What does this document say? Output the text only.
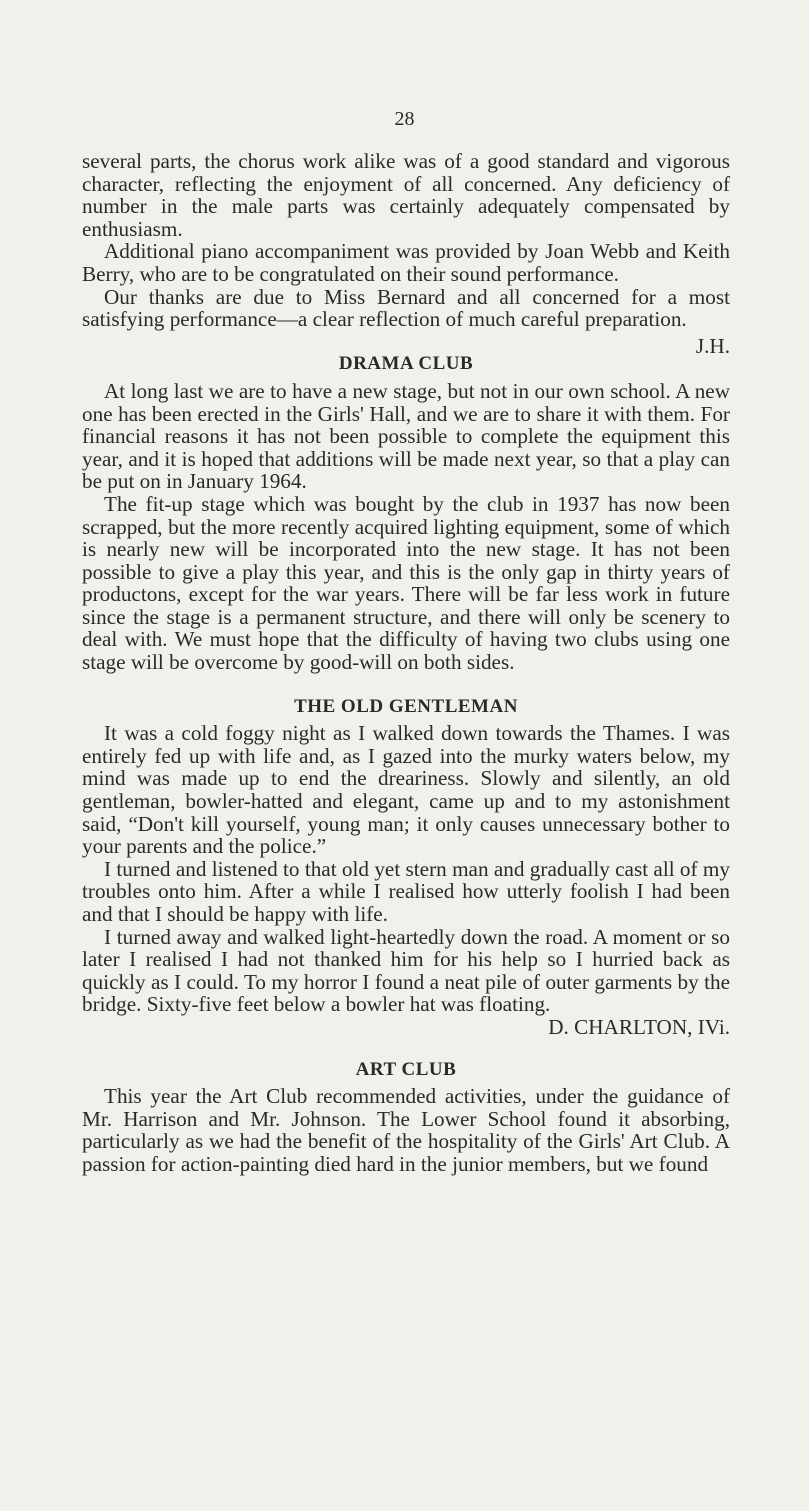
28

several parts, the chorus work alike was of a good standard and vigorous character, reflecting the enjoyment of all concerned. Any deficiency of number in the male parts was certainly adequately compensated by enthusiasm.

Additional piano accompaniment was provided by Joan Webb and Keith Berry, who are to be congratulated on their sound performance.

Our thanks are due to Miss Bernard and all concerned for a most satisfying performance—a clear reflection of much careful preparation.

J.H.
DRAMA CLUB

At long last we are to have a new stage, but not in our own school. A new one has been erected in the Girls' Hall, and we are to share it with them. For financial reasons it has not been possible to complete the equipment this year, and it is hoped that additions will be made next year, so that a play can be put on in January 1964.

The fit-up stage which was bought by the club in 1937 has now been scrapped, but the more recently acquired lighting equipment, some of which is nearly new will be incorporated into the new stage. It has not been possible to give a play this year, and this is the only gap in thirty years of productons, except for the war years. There will be far less work in future since the stage is a permanent structure, and there will only be scenery to deal with. We must hope that the difficulty of having two clubs using one stage will be overcome by good-will on both sides.

THE OLD GENTLEMAN

It was a cold foggy night as I walked down towards the Thames. I was entirely fed up with life and, as I gazed into the murky waters below, my mind was made up to end the dreariness. Slowly and silently, an old gentleman, bowler-hatted and elegant, came up and to my astonishment said, “Don't kill yourself, young man; it only causes unnecessary bother to your parents and the police.”

I turned and listened to that old yet stern man and gradually cast all of my troubles onto him. After a while I realised how utterly foolish I had been and that I should be happy with life.

I turned away and walked light-heartedly down the road. A moment or so later I realised I had not thanked him for his help so I hurried back as quickly as I could. To my horror I found a neat pile of outer garments by the bridge. Sixty-five feet below a bowler hat was floating.

D. CHARLTON, IVi.
ART CLUB

This year the Art Club recommended activities, under the guidance of Mr. Harrison and Mr. Johnson. The Lower School found it absorbing, particularly as we had the benefit of the hospitality of the Girls' Art Club. A passion for action-painting died hard in the junior members, but we found
